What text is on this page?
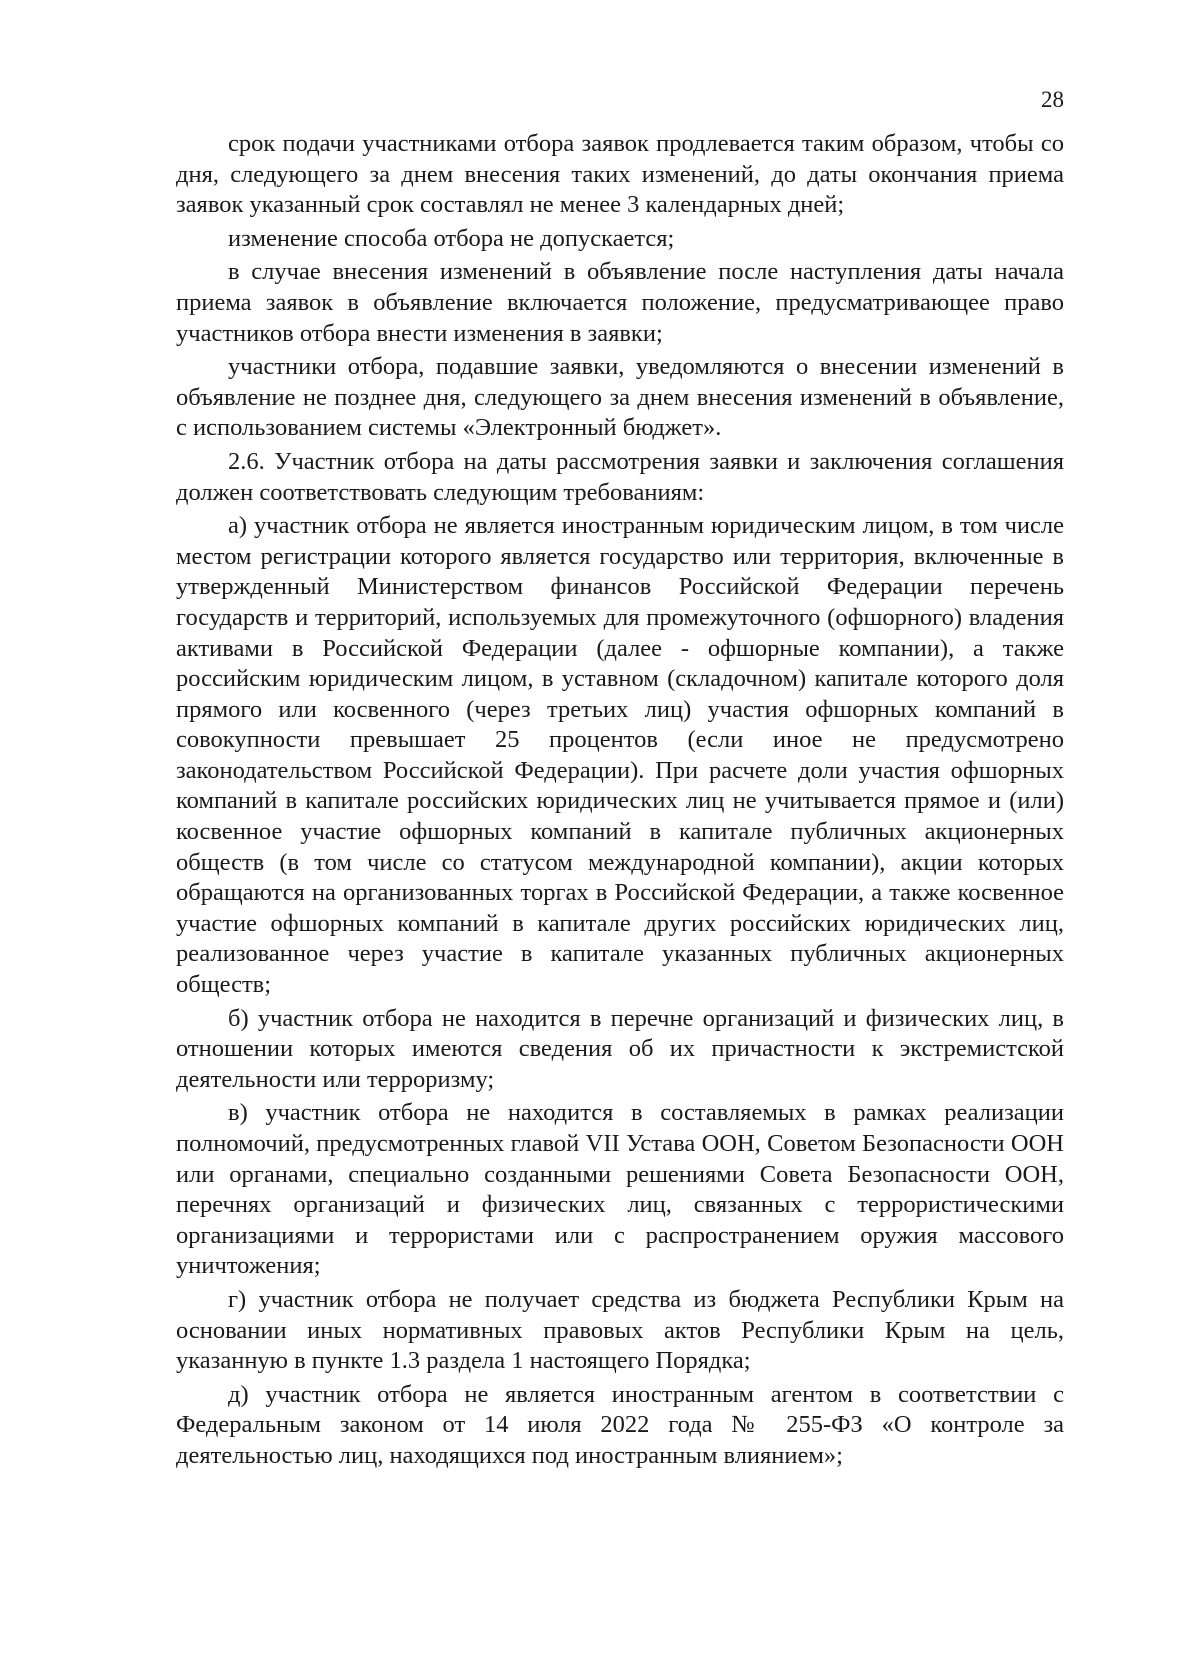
28

срок подачи участниками отбора заявок продлевается таким образом, чтобы со дня, следующего за днем внесения таких изменений, до даты окончания приема заявок указанный срок составлял не менее 3 календарных дней;

изменение способа отбора не допускается;

в случае внесения изменений в объявление после наступления даты начала приема заявок в объявление включается положение, предусматривающее право участников отбора внести изменения в заявки;

участники отбора, подавшие заявки, уведомляются о внесении изменений в объявление не позднее дня, следующего за днем внесения изменений в объявление, с использованием системы «Электронный бюджет».

2.6. Участник отбора на даты рассмотрения заявки и заключения соглашения должен соответствовать следующим требованиям:

а) участник отбора не является иностранным юридическим лицом, в том числе местом регистрации которого является государство или территория, включенные в утвержденный Министерством финансов Российской Федерации перечень государств и территорий, используемых для промежуточного (офшорного) владения активами в Российской Федерации (далее - офшорные компании), а также российским юридическим лицом, в уставном (складочном) капитале которого доля прямого или косвенного (через третьих лиц) участия офшорных компаний в совокупности превышает 25 процентов (если иное не предусмотрено законодательством Российской Федерации). При расчете доли участия офшорных компаний в капитале российских юридических лиц не учитывается прямое и (или) косвенное участие офшорных компаний в капитале публичных акционерных обществ (в том числе со статусом международной компании), акции которых обращаются на организованных торгах в Российской Федерации, а также косвенное участие офшорных компаний в капитале других российских юридических лиц, реализованное через участие в капитале указанных публичных акционерных обществ;

б) участник отбора не находится в перечне организаций и физических лиц, в отношении которых имеются сведения об их причастности к экстремистской деятельности или терроризму;

в) участник отбора не находится в составляемых в рамках реализации полномочий, предусмотренных главой VII Устава ООН, Советом Безопасности ООН или органами, специально созданными решениями Совета Безопасности ООН, перечнях организаций и физических лиц, связанных с террористическими организациями и террористами или с распространением оружия массового уничтожения;

г) участник отбора не получает средства из бюджета Республики Крым на основании иных нормативных правовых актов Республики Крым на цель, указанную в пункте 1.3 раздела 1 настоящего Порядка;

д) участник отбора не является иностранным агентом в соответствии с Федеральным законом от 14 июля 2022 года № 255-ФЗ «О контроле за деятельностью лиц, находящихся под иностранным влиянием»;
